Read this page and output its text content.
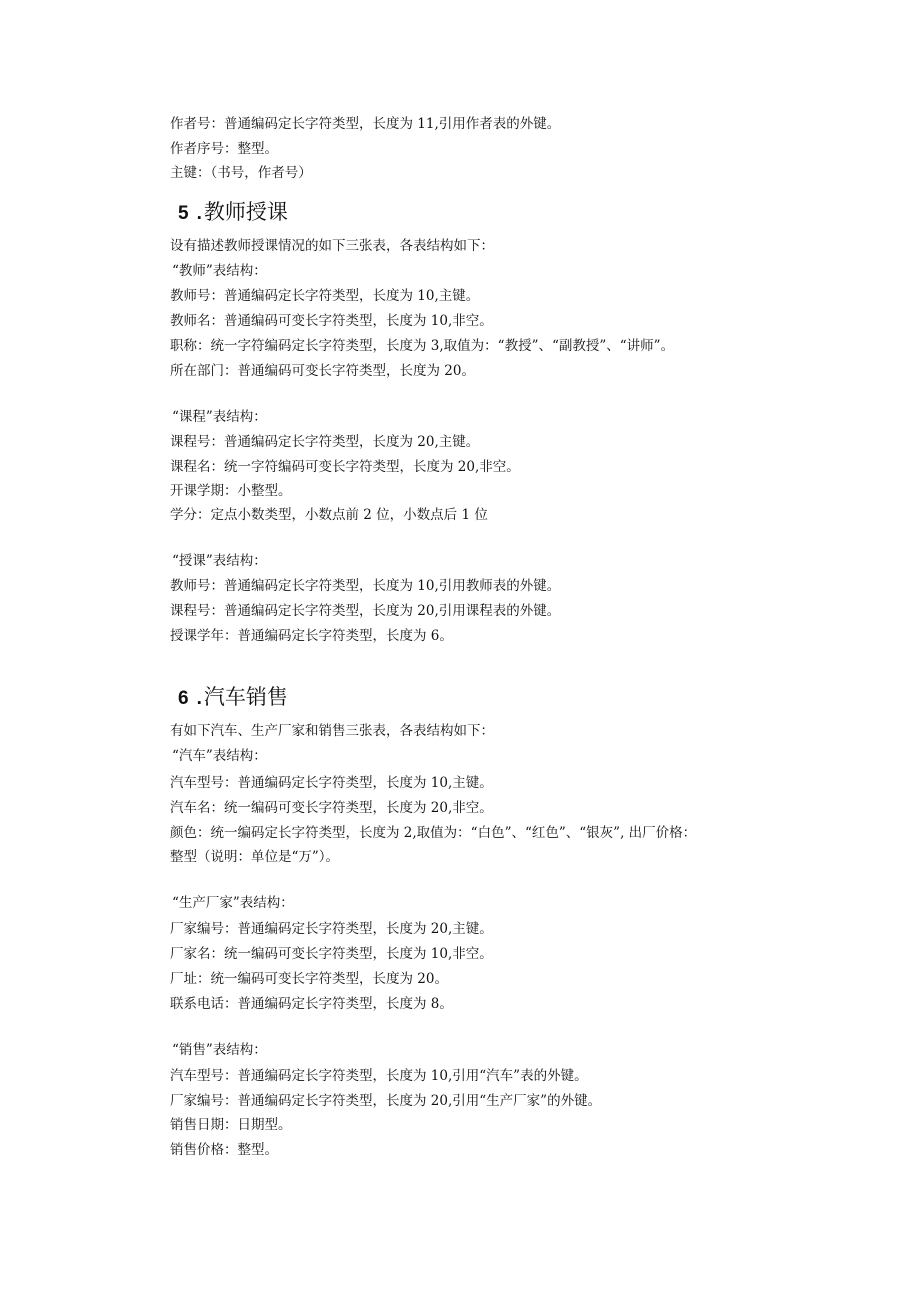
作者号：普通编码定长字符类型，长度为 11,引用作者表的外键。
作者序号：整型。
主键：（书号，作者号）
5 .教师授课
设有描述教师授课情况的如下三张表，各表结构如下：
“教师”表结构：
教师号：普通编码定长字符类型，长度为 10,主键。
教师名：普通编码可变长字符类型，长度为 10,非空。
职称：统一字符编码定长字符类型，长度为 3,取值为：“教授”、“副教授”、“讲师”。
所在部门：普通编码可变长字符类型，长度为 20。
“课程”表结构：
课程号：普通编码定长字符类型，长度为 20,主键。
课程名：统一字符编码可变长字符类型，长度为 20,非空。
开课学期：小整型。
学分：定点小数类型，小数点前 2 位，小数点后 1 位
“授课”表结构：
教师号：普通编码定长字符类型，长度为 10,引用教师表的外键。
课程号：普通编码定长字符类型，长度为 20,引用课程表的外键。
授课学年：普通编码定长字符类型，长度为 6。
6 .汽车销售
有如下汽车、生产厂家和销售三张表，各表结构如下：
“汽车”表结构：
汽车型号：普通编码定长字符类型，长度为 10,主键。
汽车名：统一编码可变长字符类型，长度为 20,非空。
颜色：统一编码定长字符类型，长度为 2,取值为：“白色”、“红色”、“银灰”, 出厂价格：
整型（说明：单位是“万”）。
“生产厂家”表结构：
厂家编号：普通编码定长字符类型，长度为 20,主键。
厂家名：统一编码可变长字符类型，长度为 10,非空。
厂址：统一编码可变长字符类型，长度为 20。
联系电话：普通编码定长字符类型，长度为 8。
“销售”表结构：
汽车型号：普通编码定长字符类型，长度为 10,引用“汽车”表的外键。
厂家编号：普通编码定长字符类型，长度为 20,引用“生产厂家”的外键。
销售日期：日期型。
销售价格：整型。
